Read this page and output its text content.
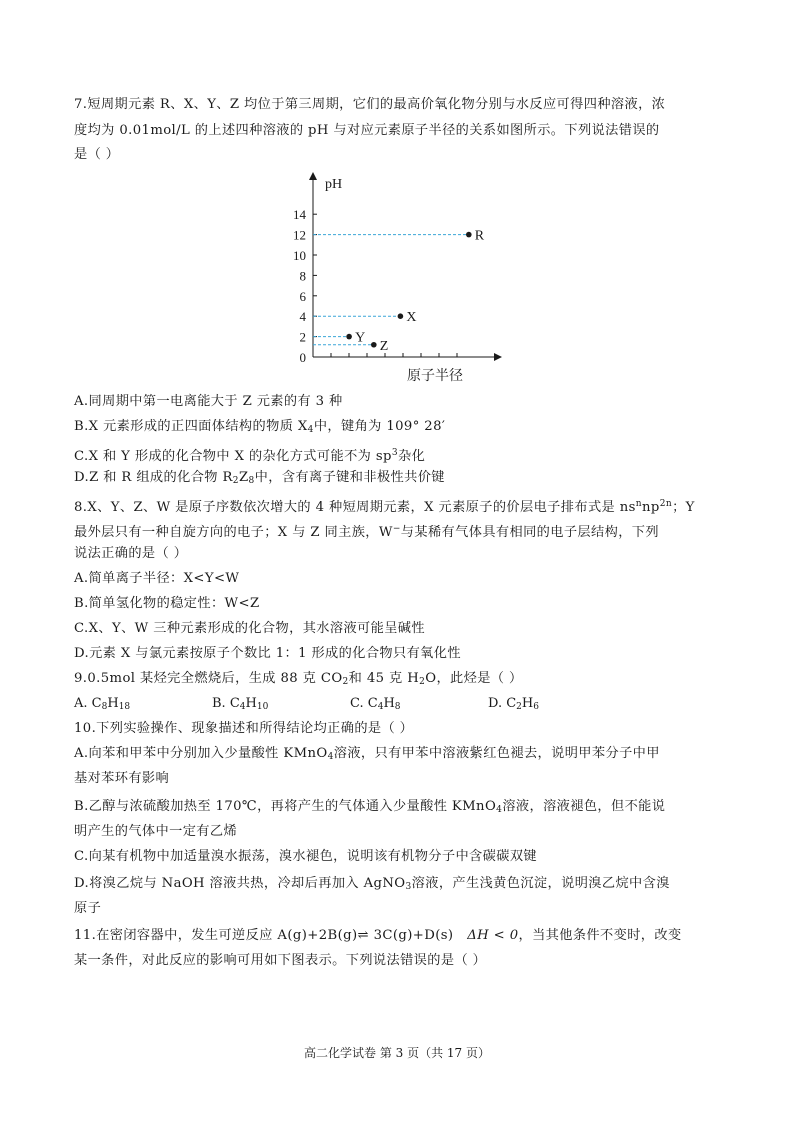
7.短周期元素 R、X、Y、Z 均位于第三周期，它们的最高价氧化物分别与水反应可得四种溶液，浓
度均为 0.01mol/L 的上述四种溶液的 pH 与对应元素原子半径的关系如图所示。下列说法错误的
是（ ）
pH
原子半径
0
2
4
6
8
10
12
14
R
X
Y
Z
A.同周期中第一电离能大于 Z 元素的有 3 种
B.X 元素形成的正四面体结构的物质 $X_4$中，键角为 109° 28′
C.X 和 Y 形成的化合物中 X 的杂化方式可能不为 $sp^3$杂化
D.Z 和 R 组成的化合物 $R_2Z_8$中，含有离子键和非极性共价键
8.X、Y、Z、W 是原子序数依次增大的 4 种短周期元素，X 元素原子的价层电子排布式是 $ns^nnp^{2n}$；Y
最外层只有一种自旋方向的电子；X 与 Z 同主族，W−与某稀有气体具有相同的电子层结构，下列
说法正确的是（ ）
A.简单离子半径：X<Y<W
B.简单氢化物的稳定性：W<Z
C.X、Y、W 三种元素形成的化合物，其水溶液可能呈碱性
D.元素 X 与氯元素按原子个数比 1：1 形成的化合物只有氧化性
9.0.5mol 某烃完全燃烧后，生成 88 克 $CO_2$和 45 克 $H_2O$，此烃是（ ）
A. $C_8H_{18}$	B. $C_4H_{10}$	C. $C_4H_8$	D. $C_2H_6$
10.下列实验操作、现象描述和所得结论均正确的是（ ）
A.向苯和甲苯中分别加入少量酸性 KMnO$_4$溶液，只有甲苯中溶液紫红色褪去，说明甲苯分子中甲
基对苯环有影响
B.乙醇与浓硫酸加热至 170℃，再将产生的气体通入少量酸性 KMnO$_4$溶液，溶液褪色，但不能说
明产生的气体中一定有乙烯
C.向某有机物中加适量溴水振荡，溴水褪色，说明该有机物分子中含碳碳双键
D.将溴乙烷与 NaOH 溶液共热，冷却后再加入 AgNO$_3$溶液，产生浅黄色沉淀，说明溴乙烷中含溴
原子
11.在密闭容器中，发生可逆反应 A(g)+2B(g)⇌ 3C(g)+D(s) ΔH < 0，当其他条件不变时，改变
某一条件，对此反应的影响可用如下图表示。下列说法错误的是（ ）
高二化学试卷 第 3 页（共 17 页）
